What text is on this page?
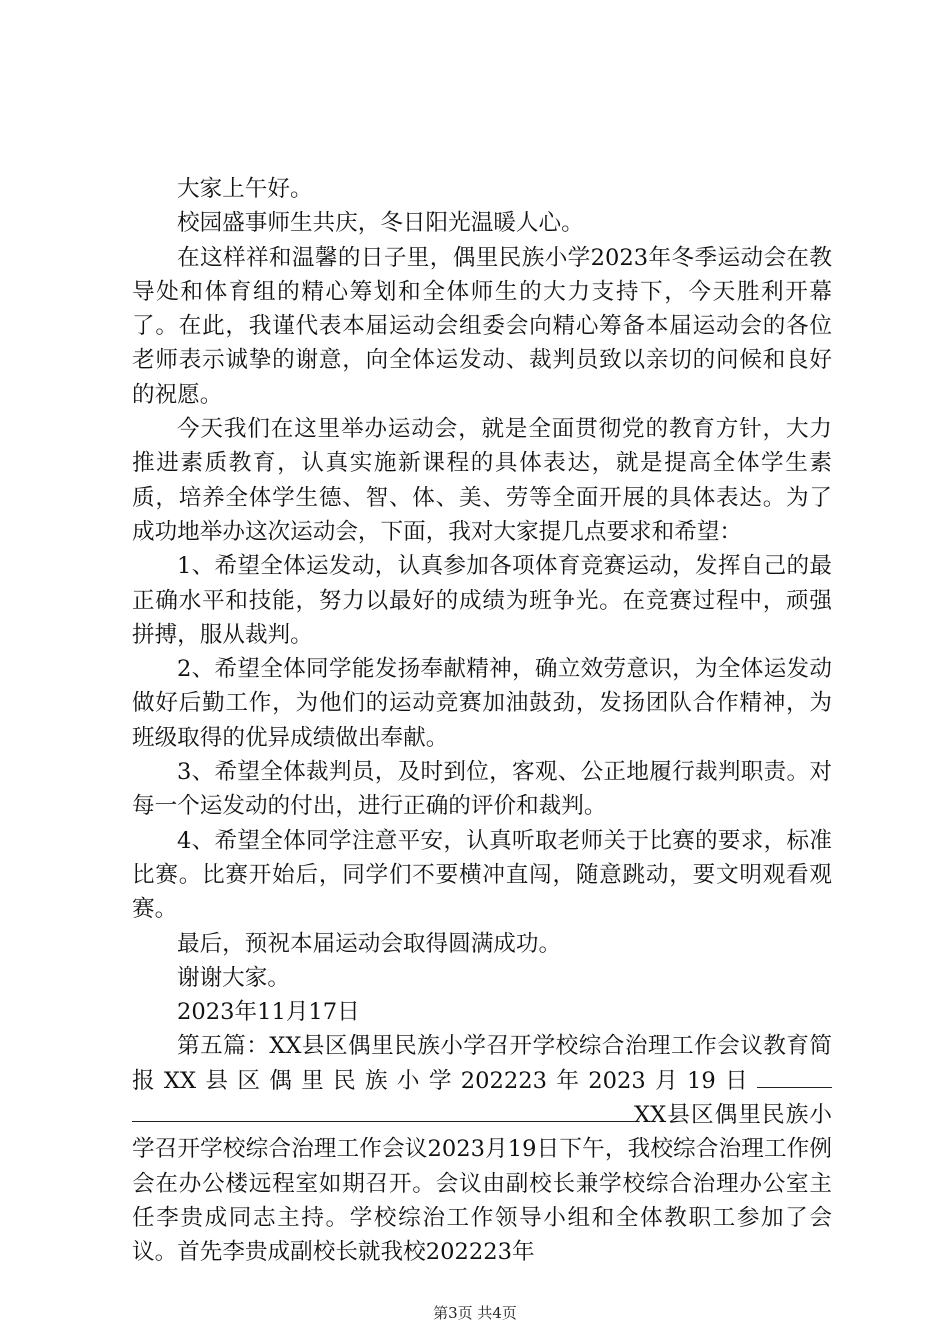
大家上午好。

校园盛事师生共庆，冬日阳光温暖人心。

在这样祥和温馨的日子里，偶里民族小学2023年冬季运动会在教导处和体育组的精心筹划和全体师生的大力支持下，今天胜利开幕了。在此，我谨代表本届运动会组委会向精心筹备本届运动会的各位老师表示诚挚的谢意，向全体运发动、裁判员致以亲切的问候和良好的祝愿。

今天我们在这里举办运动会，就是全面贯彻党的教育方针，大力推进素质教育，认真实施新课程的具体表达，就是提高全体学生素质，培养全体学生德、智、体、美、劳等全面开展的具体表达。为了成功地举办这次运动会，下面，我对大家提几点要求和希望：

1、希望全体运发动，认真参加各项体育竞赛运动，发挥自己的最正确水平和技能，努力以最好的成绩为班争光。在竞赛过程中，顽强拼搏，服从裁判。

2、希望全体同学能发扬奉献精神，确立效劳意识，为全体运发动做好后勤工作，为他们的运动竞赛加油鼓劲，发扬团队合作精神，为班级取得的优异成绩做出奉献。

3、希望全体裁判员，及时到位，客观、公正地履行裁判职责。对每一个运发动的付出，进行正确的评价和裁判。

4、希望全体同学注意平安，认真听取老师关于比赛的要求，标准比赛。比赛开始后，同学们不要横冲直闯，随意跳动，要文明观看观赛。

最后，预祝本届运动会取得圆满成功。

谢谢大家。

2023年11月17日

第五篇：XX县区偶里民族小学召开学校综合治理工作会议教育简报XX县区偶里民族小学202223年2023月19日XX县区偶里民族小学召开学校综合治理工作会议2023月19日下午，我校综合治理工作例会在办公楼远程室如期召开。会议由副校长兼学校综合治理办公室主任李贵成同志主持。学校综治工作领导小组和全体教职工参加了会议。首先李贵成副校长就我校202223年

第3页 共4页
